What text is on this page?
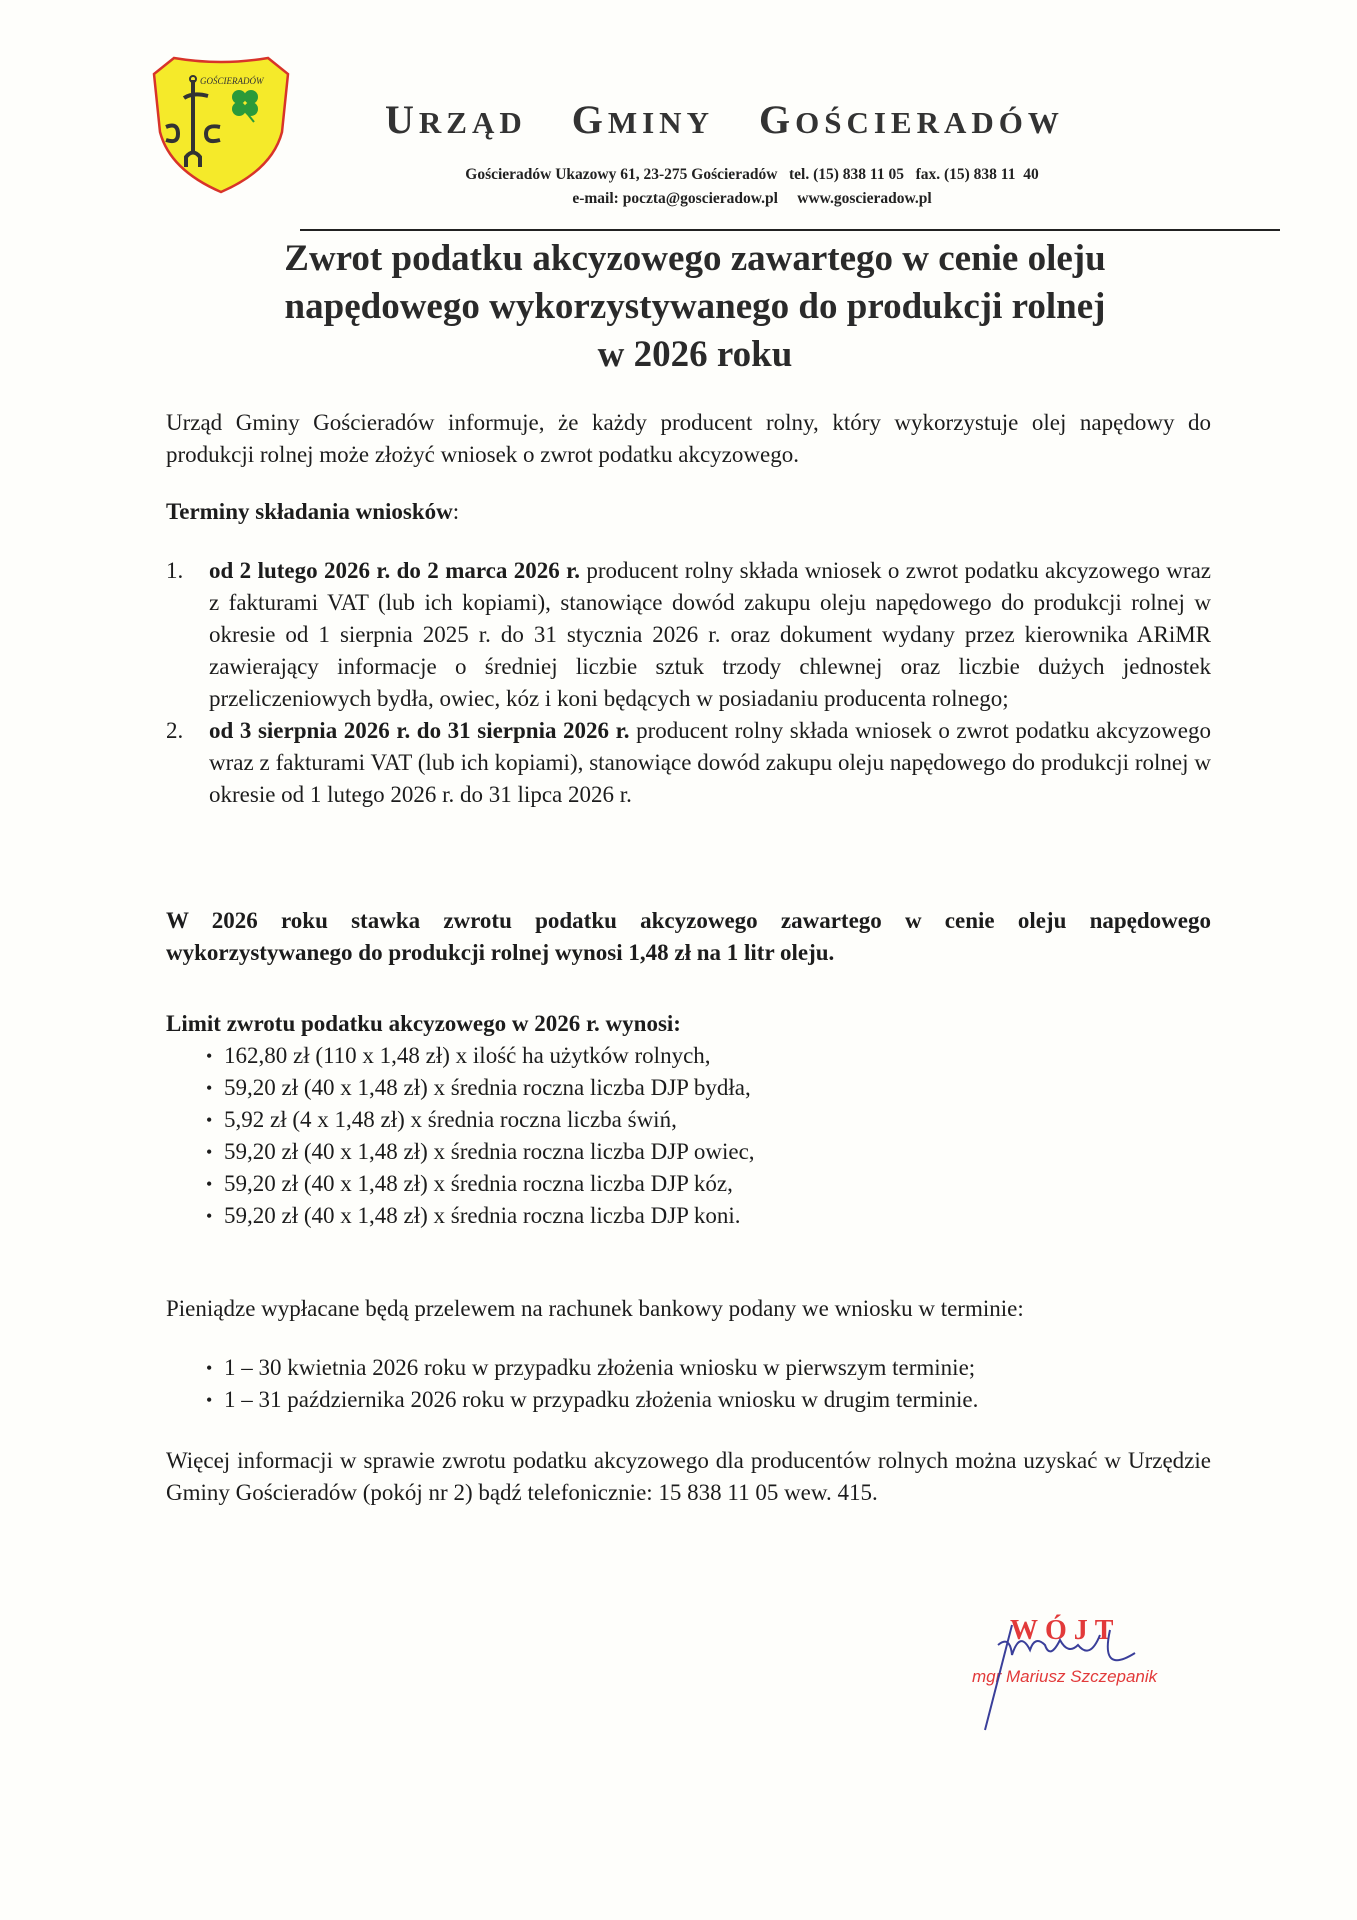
GOŚCIERADÓW
URZĄD GMINY GOŚCIERADÓW
Gościeradów Ukazowy 61, 23-275 Gościeradów   tel. (15) 838 11 05   fax. (15) 838 11  40
e-mail: poczta@goscieradow.pl     www.goscieradow.pl
Zwrot podatku akcyzowego zawartego w cenie oleju
napędowego wykorzystywanego do produkcji rolnej
w 2026 roku
Urząd Gminy Gościeradów informuje, że każdy producent rolny, który wykorzystuje olej napędowy do produkcji rolnej może złożyć wniosek o zwrot podatku akcyzowego.
Terminy składania wniosków:
1. od 2 lutego 2026 r. do 2 marca 2026 r. producent rolny składa wniosek o zwrot podatku akcyzowego wraz z fakturami VAT (lub ich kopiami), stanowiące dowód zakupu oleju napędowego do produkcji rolnej w okresie od 1 sierpnia 2025 r. do 31 stycznia 2026 r. oraz dokument wydany przez kierownika ARiMR zawierający informacje o średniej liczbie sztuk trzody chlewnej oraz liczbie dużych jednostek przeliczeniowych bydła, owiec, kóz i koni będących w posiadaniu producenta rolnego;
2. od 3 sierpnia 2026 r. do 31 sierpnia 2026 r. producent rolny składa wniosek o zwrot podatku akcyzowego wraz z fakturami VAT (lub ich kopiami), stanowiące dowód zakupu oleju napędowego do produkcji rolnej w okresie od 1 lutego 2026 r. do 31 lipca 2026 r.
W 2026 roku stawka zwrotu podatku akcyzowego zawartego w cenie oleju napędowego wykorzystywanego do produkcji rolnej wynosi 1,48 zł na 1 litr oleju.
Limit zwrotu podatku akcyzowego w 2026 r. wynosi:
• 162,80 zł (110 x 1,48 zł) x ilość ha użytków rolnych,
• 59,20 zł (40 x 1,48 zł) x średnia roczna liczba DJP bydła,
• 5,92 zł (4 x 1,48 zł) x średnia roczna liczba świń,
• 59,20 zł (40 x 1,48 zł) x średnia roczna liczba DJP owiec,
• 59,20 zł (40 x 1,48 zł) x średnia roczna liczba DJP kóz,
• 59,20 zł (40 x 1,48 zł) x średnia roczna liczba DJP koni.
Pieniądze wypłacane będą przelewem na rachunek bankowy podany we wniosku w terminie:
• 1 – 30 kwietnia 2026 roku w przypadku złożenia wniosku w pierwszym terminie;
• 1 – 31 października 2026 roku w przypadku złożenia wniosku w drugim terminie.
Więcej informacji w sprawie zwrotu podatku akcyzowego dla producentów rolnych można uzyskać w Urzędzie Gminy Gościeradów (pokój nr 2) bądź telefonicznie: 15 838 11 05 wew. 415.
WÓJT
mgr Mariusz Szczepanik
